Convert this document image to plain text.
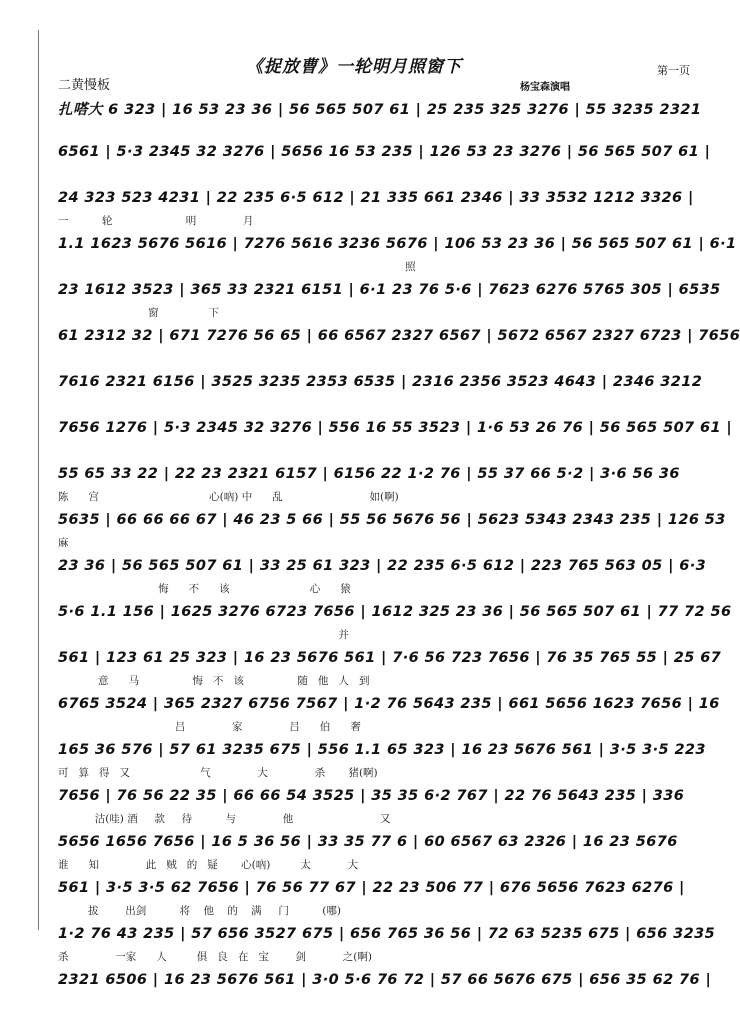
《捉放曹》一轮明月照窗下	第一页
二黄慢板	杨宝森演唱
扎嗒大 6 323 | 16 53 23 36 | 56 565 507 61 | 25 235 325 3276 | 55 3235 2321
6561 | 5·3 2345 32 3276 | 5656 16 53 235 | 126 53 23 3276 | 56 565 507 61 |
24 323 523 4231 | 22 235 6·5 612 | 21 335 661 2346 | 33 3532 1212 3326 |
一          轮                      明              月
1.1 1623 5676 5616 | 7276 5616 3236 5676 | 106 53 23 36 | 56 565 507 61 | 6·1
照
23 1612 3523 | 365 33 2321 6151 | 6·1 23 76 5·6 | 7623 6276 5765 305 | 6535
窗               下
61 2312 32 | 671 7276 56 65 | 66 6567 2327 6567 | 5672 6567 2327 6723 | 7656
7616 2321 6156 | 3525 3235 2353 6535 | 2316 2356 3523 4643 | 2346 3212
7656 1276 | 5·3 2345 32 3276 | 556 16 55 3523 | 1·6 53 26 76 | 56 565 507 61 |
55 65 33 22 | 22 23 2321 6157 | 6156 22 1·2 76 | 55 37 66 5·2 | 3·6 56 36
陈      宫                                 心(吶) 中      乱                          如(啊)
5635 | 66 66 66 67 | 46 23 5 66 | 55 56 5676 56 | 5623 5343 2343 235 | 126 53
麻
23 36 | 56 565 507 61 | 33 25 61 323 | 22 235 6·5 612 | 223 765 563 05 | 6·3
悔      不      该                        心      猿
5·6 1.1 156 | 1625 3276 6723 7656 | 1612 325 23 36 | 56 565 507 61 | 77 72 56
并
561 | 123 61 25 323 | 16 23 5676 561 | 7·6 56 723 7656 | 76 35 765 55 | 25 67
意      马                悔   不   该                随   他   人   到
6765 3524 | 365 2327 6756 7567 | 1·2 76 5643 235 | 661 5656 1623 7656 | 16
吕              家              吕      伯      奢
165 36 576 | 57 61 3235 675 | 556 1.1 65 323 | 16 23 5676 561 | 3·5 3·5 223
可   算   得   又                     气              大              杀       猪(啊)
7656 | 76 56 22 35 | 66 66 54 3525 | 35 35 6·2 767 | 22 76 5643 235 | 336
沽(哇) 酒     款     待          与              他                          又
5656 1656 7656 | 16 5 36 56 | 33 35 77 6 | 60 6567 63 2326 | 16 23 5676
谁      知              此   贼   的   疑       心(吶)         太           大
561 | 3·5 3·5 62 7656 | 76 56 77 67 | 22 23 506 77 | 676 5656 7623 6276 |
拔        出剑          将    他    的    满     门          (哪)
1·2 76 43 235 | 57 656 3527 675 | 656 765 36 56 | 72 63 5235 675 | 656 3235
杀              一家      人         俱   良   在   宝        剑           之(啊)
2321 6506 | 16 23 5676 561 | 3·0 5·6 76 72 | 57 66 5676 675 | 656 35 62 76 |
